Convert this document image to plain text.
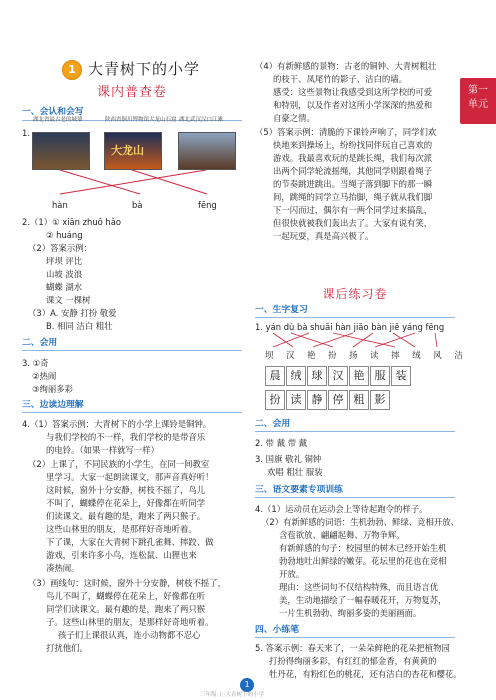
1 大青树下的小学
课内普查卷
一、会认和会写
1.
湖北省最古老的城墙	陕西省铜川博物馆大龙山石窟
大龙山
湖北武汉汉口江滩
hàn	bà	fēng
2.（1）① xiān zhuō hǎo
② huáng
（2）答案示例：
坪坝 评比
山坡 波浪
蝴蝶 湖水
课文 一棵树
（3）A. 安静 打扮 敬爱
B. 相同 洁白 粗壮
二、会用
3. ①奇
②热闹
③绚丽多彩
三、边读边理解
4.（1）答案示例：大青树下的小学上课铃是铜钟。
与我们学校的不一样，我们学校的是带音乐
的电铃。（如果一样就写一样）
（2）上课了，不同民族的小学生，在同一间教室
里学习。大家一起朗读课文，那声音真好听！
这时候，窗外十分安静，树枝不摇了，鸟儿
不叫了，蝴蝶停在花朵上，好像都在听同学
们读课文。最有趣的是，跑来了两只猴子。
这些山林里的朋友，是那样好奇地听着。
下了课，大家在大青树下跳孔雀舞、摔跤、做
游戏，引来许多小鸟，连松鼠、山狸也来
凑热闹。
（3）画线句：这时候，窗外十分安静，树枝不摇了，
鸟儿不叫了，蝴蝶停在花朵上，好像都在听
同学们读课文。最有趣的是，跑来了两只猴
子。这些山林里的朋友，是那样好奇地听着。
孩子们上课很认真，连小动物都不忍心
打扰他们。
（4）有新鲜感的景物：古老的铜钟、大青树粗壮
的枝干、凤尾竹的影子、洁白的墙。
感受：这些景物让我感受到这所学校的可爱
和特别，以及作者对这所小学深深的热爱和
自豪之情。
（5）答案示例：清脆的下课铃声响了，同学们欢
快地来到操场上，纷纷找同伴玩自己喜欢的
游戏。我最喜欢玩的是跳长绳，我们每次派
出两个同学轮流摇绳，其他同学则跟着绳子
的节奏跳进跳出。当绳子落到脚下的那一瞬
间，跳绳的同学立马抬脚，绳子就从我们脚
下一闪而过，偶尔有一两个同学过来搞乱，
但很快就被我们轰出去了。大家有说有笑，
一起玩耍，真是高兴极了。
课后练习卷
一、生字复习
1. yán dù bà shuāi hàn jiāo bàn jiē yáng fēng
坝 汉 艳 扮 扬 读 摔 绒 风 洁
晨 绒 球 汉 艳 服 装
扮 读 静 停 粗 影
二、会用
2. 带 戴 带 戴
3. 国旗 敬礼 铜钟
欢唱 粗壮 服装
三、语文要素专项训练
4.（1）运动员在运动会上等待起跑令的样子。
（2）有新鲜感的词语：生机勃勃、鲜绿、竞相开放、
含苞欲放、翩翩起舞、万物争辉。
有新鲜感的句子：校园里的树木已经开始生机
勃勃地吐出鲜绿的嫩芽。花坛里的花也在竞相
开放。
理由：这些词句不仅结构特殊，而且语言优
美，生动地描绘了一幅春暖花开，万物复苏，
一片生机勃勃、绚丽多姿的美丽画面。
四、小练笔
5. 答案示例：春天来了，一朵朵鲜艳的花朵把植物园
打扮得绚丽多彩，有红红的郁金香，有黄黄的
牡丹花，有粉红色的桃花，还有洁白的杏花和樱花。
第一单元
1
三年级·上·大青树下的小学
